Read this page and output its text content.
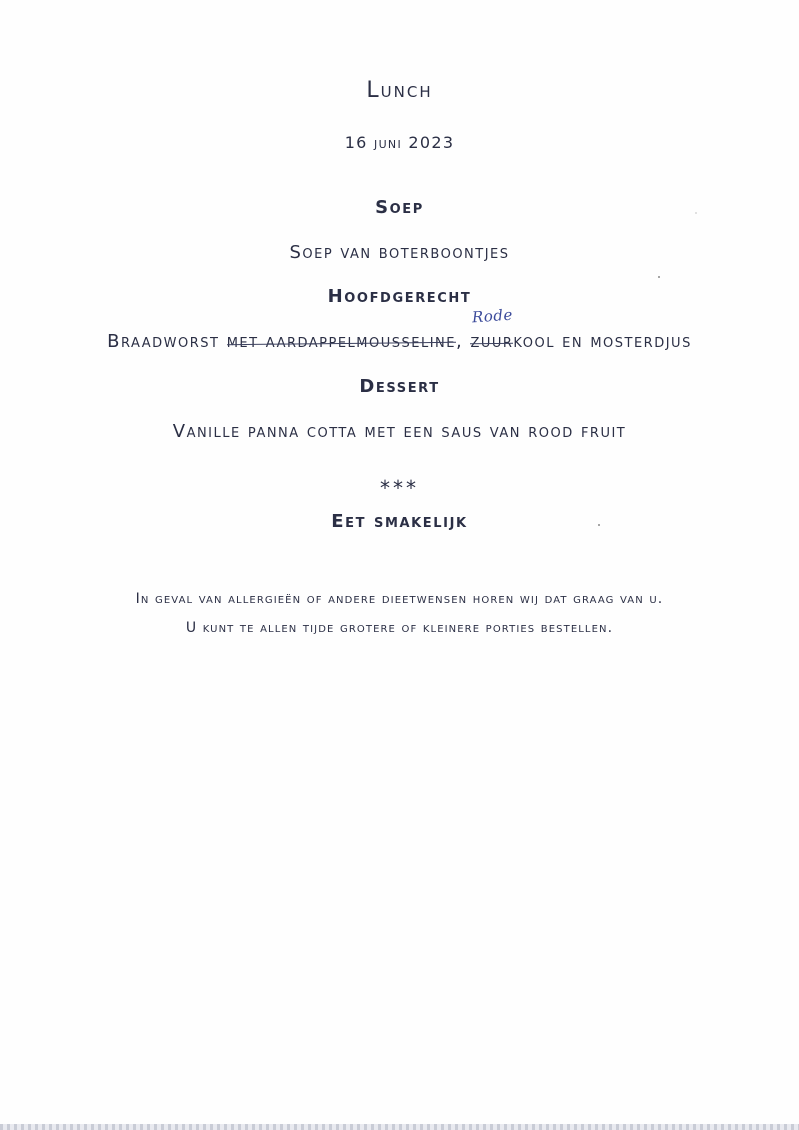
Lunch
16 juni 2023
Soep
Soep van boterboontjes
Hoofdgerecht
Braadworst met aardappelmousseline,
Rode
zuurkool en mosterdjus
Dessert
Vanille panna cotta met een saus van rood fruit
***
Eet smakelijk
In geval van allergieën of andere dieetwensen horen wij dat graag van u.
U kunt te allen tijde grotere of kleinere porties bestellen.
